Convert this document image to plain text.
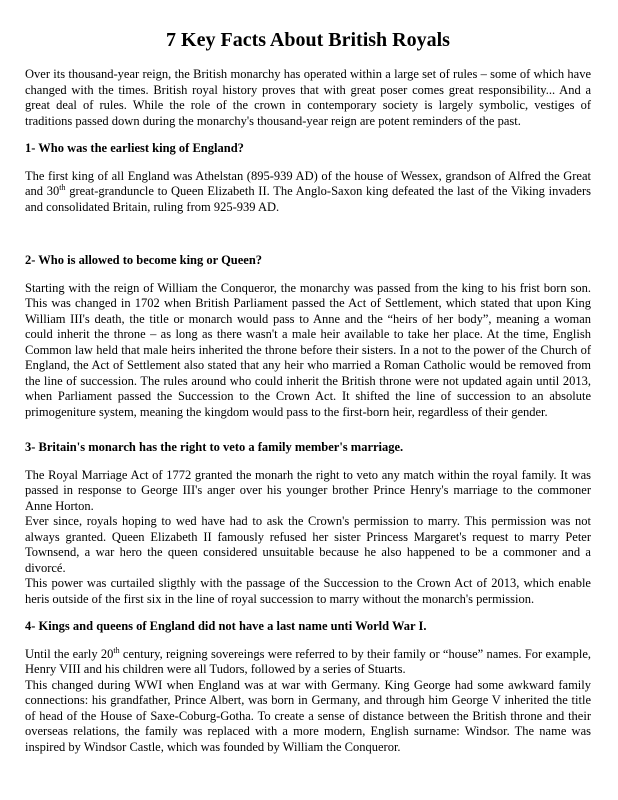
7 Key Facts About British Royals

Over its thousand-year reign, the British monarchy has operated within a large set of rules – some of which have changed with the times. British royal history proves that with great poser comes great responsibility... And a great deal of rules. While the role of the crown in contemporary society is largely symbolic, vestiges of traditions passed down during the monarchy's thousand-year reign are potent reminders of the past.

1- Who was the earliest king of England?

The first king of all England was Athelstan (895-939 AD) of the house of Wessex, grandson of Alfred the Great and 30th great-granduncle to Queen Elizabeth II. The Anglo-Saxon king defeated the last of the Viking invaders and consolidated Britain, ruling from 925-939 AD.

2- Who is allowed to become king or Queen?

Starting with the reign of William the Conqueror, the monarchy was passed from the king to his frist born son. This was changed in 1702 when British Parliament passed the Act of Settlement, which stated that upon King William III's death, the title or monarch would pass to Anne and the “heirs of her body”, meaning a woman could inherit the throne – as long as there wasn't a male heir available to take her place. At the time, English Common law held that male heirs inherited the throne before their sisters. In a not to the power of the Church of England, the Act of Settlement also stated that any heir who married a Roman Catholic would be removed from the line of succession. The rules around who could inherit the British throne were not updated again until 2013, when Parliament passed the Succession to the Crown Act. It shifted the line of succession to an absolute primogeniture system, meaning the kingdom would pass to the first-born heir, regardless of their gender.

3- Britain's monarch has the right to veto a family member's marriage.
The Royal Marriage Act of 1772 granted the monarh the right to veto any match within the royal family. It was passed in response to George III's anger over his younger brother Prince Henry's marriage to the commoner Anne Horton.
Ever since, royals hoping to wed have had to ask the Crown's permission to marry. This permission was not always granted. Queen Elizabeth II famously refused her sister Princess Margaret's request to marry Peter Townsend, a war hero the queen considered unsuitable because he also happened to be a commoner and a divorcé.
This power was curtailed sligthly with the passage of the Succession to the Crown Act of 2013, which enable heris outside of the first six in the line of royal succession to marry without the monarch's permission.
4- Kings and queens of England did not have a last name unti World War I.
Until the early 20th century, reigning sovereings were referred to by their family or “house” names. For example, Henry VIII and his children were all Tudors, followed by a series of Stuarts.
This changed during WWI when England was at war with Germany. King George had some awkward family connections: his grandfather, Prince Albert, was born in Germany, and through him George V inherited the title of head of the House of Saxe-Coburg-Gotha. To create a sense of distance between the British throne and their overseas relations, the family was replaced with a more modern, English surname: Windsor. The name was inspired by Windsor Castle, which was founded by William the Conqueror.
